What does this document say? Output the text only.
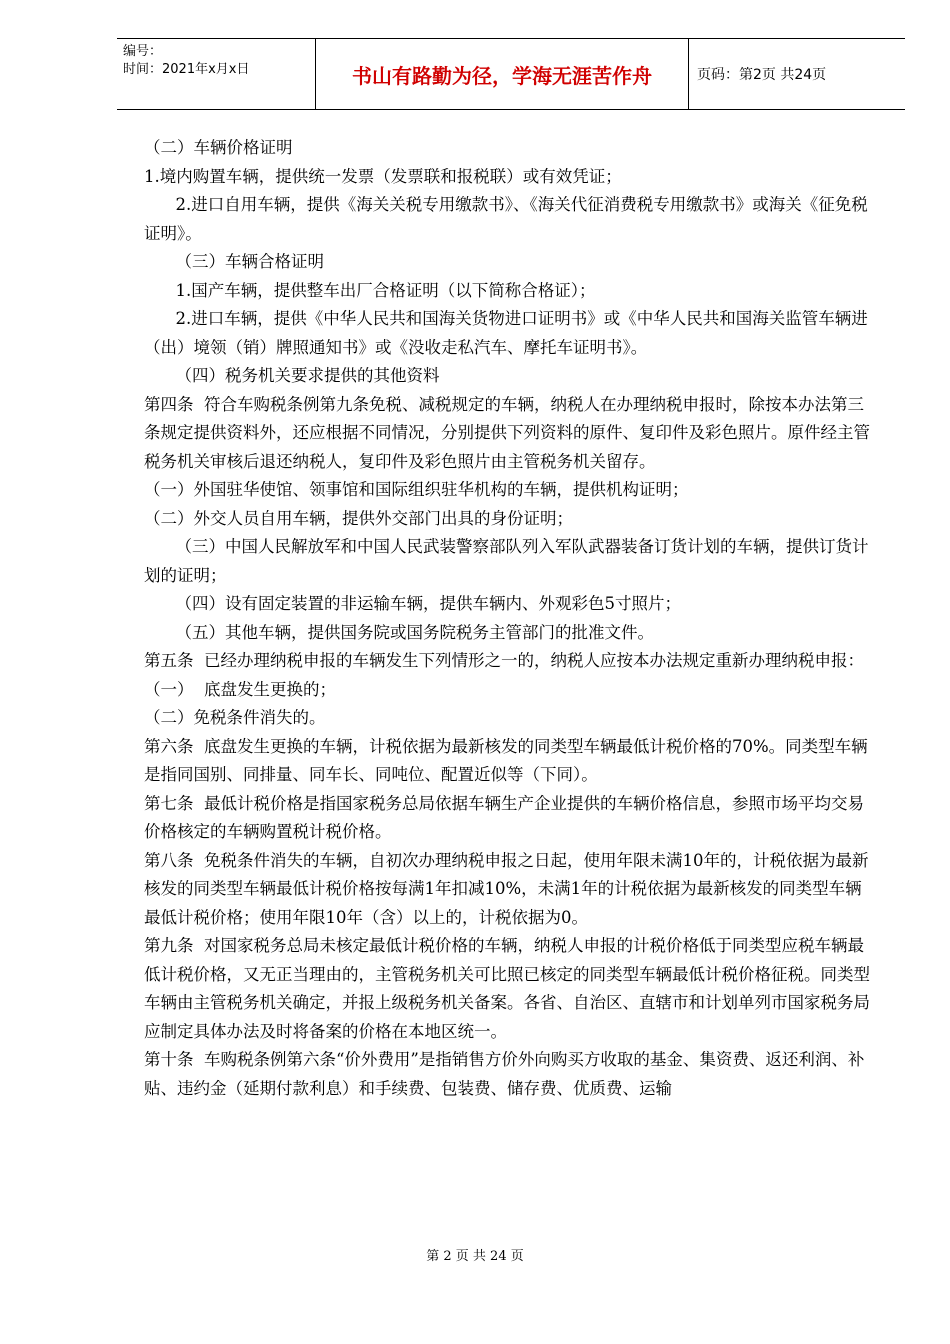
编号：
时间：2021年x月x日	书山有路勤为径，学海无涯苦作舟	页码：第2页 共24页

（二）车辆价格证明

1.境内购置车辆，提供统一发票（发票联和报税联）或有效凭证；

2.进口自用车辆，提供《海关关税专用缴款书》、《海关代征消费税专用缴款书》或海关《征免税证明》。

（三）车辆合格证明

1.国产车辆，提供整车出厂合格证明（以下简称合格证）；

2.进口车辆，提供《中华人民共和国海关货物进口证明书》或《中华人民共和国海关监管车辆进（出）境领（销）牌照通知书》或《没收走私汽车、摩托车证明书》。

（四）税务机关要求提供的其他资料

第四条  符合车购税条例第九条免税、减税规定的车辆，纳税人在办理纳税申报时，除按本办法第三条规定提供资料外，还应根据不同情况，分别提供下列资料的原件、复印件及彩色照片。原件经主管税务机关审核后退还纳税人，复印件及彩色照片由主管税务机关留存。

（一）外国驻华使馆、领事馆和国际组织驻华机构的车辆，提供机构证明；

（二）外交人员自用车辆，提供外交部门出具的身份证明；

（三）中国人民解放军和中国人民武装警察部队列入军队武器装备订货计划的车辆，提供订货计划的证明；

（四）设有固定装置的非运输车辆，提供车辆内、外观彩色5寸照片；

（五）其他车辆，提供国务院或国务院税务主管部门的批准文件。

第五条  已经办理纳税申报的车辆发生下列情形之一的，纳税人应按本办法规定重新办理纳税申报：

（一）  底盘发生更换的；

（二）免税条件消失的。

第六条  底盘发生更换的车辆，计税依据为最新核发的同类型车辆最低计税价格的70%。同类型车辆是指同国别、同排量、同车长、同吨位、配置近似等（下同）。

第七条  最低计税价格是指国家税务总局依据车辆生产企业提供的车辆价格信息，参照市场平均交易价格核定的车辆购置税计税价格。

第八条  免税条件消失的车辆，自初次办理纳税申报之日起，使用年限未满10年的，计税依据为最新核发的同类型车辆最低计税价格按每满1年扣减10%，未满1年的计税依据为最新核发的同类型车辆最低计税价格；使用年限10年（含）以上的，计税依据为0。

第九条  对国家税务总局未核定最低计税价格的车辆，纳税人申报的计税价格低于同类型应税车辆最低计税价格，又无正当理由的，主管税务机关可比照已核定的同类型车辆最低计税价格征税。同类型车辆由主管税务机关确定，并报上级税务机关备案。各省、自治区、直辖市和计划单列市国家税务局应制定具体办法及时将备案的价格在本地区统一。

第十条  车购税条例第六条“价外费用”是指销售方价外向购买方收取的基金、集资费、返还利润、补贴、违约金（延期付款利息）和手续费、包装费、储存费、优质费、运输

第 2 页 共 24 页
